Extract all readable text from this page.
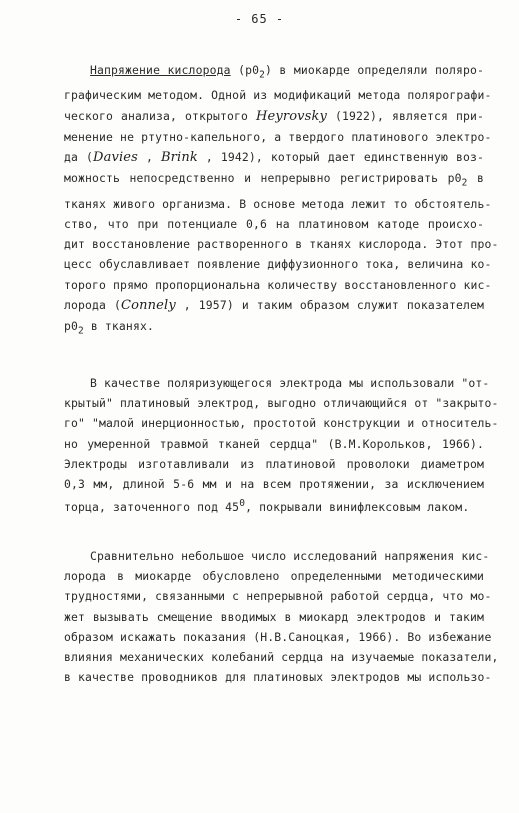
- 65 -
Напряжение кислорода $(р0_2)$ в миокарде определяли поляро-
графическим методом. Одной из модификаций метода полярографи-
ческого анализа, открытого Heyrovsky (1922), является при-
менение не ртутно-капельного, а твердого платинового электро-
да (Davies , Brink , 1942), который дает единственную воз-
можность непосредственно и непрерывно регистрировать $р0_2$ в
тканях живого организма. В основе метода лежит то обстоятель-
ство, что при потенциале 0,6 на платиновом катоде происхо-
дит восстановление растворенного в тканях кислорода. Этот про-
цесс обуславливает появление диффузионного тока, величина ко-
торого прямо пропорциональна количеству восстановленного кис-
лорода (Connely , 1957) и таким образом служит показателем
$р0_2$ в тканях.
В качестве поляризующегося электрода мы использовали "от-
крытый" платиновый электрод, выгодно отличающийся от "закрыто-
го" "малой инерционностью, простотой конструкции и относитель-
но умеренной травмой тканей сердца" (В.М.Корольков, 1966).
Электроды изготавливали из платиновой проволоки диаметром
0,3 мм, длиной 5-6 мм и на всем протяжении, за исключением
торца, заточенного под $45^0$, покрывали винифлексовым лаком.
Сравнительно небольшое число исследований напряжения кис-
лорода в миокарде обусловлено определенными методическими
трудностями, связанными с непрерывной работой сердца, что мо-
жет вызывать смещение вводимых в миокард электродов и таким
образом искажать показания (Н.В.Саноцкая, 1966). Во избежание
влияния механических колебаний сердца на изучаемые показатели,
в качестве проводников для платиновых электродов мы использо-
